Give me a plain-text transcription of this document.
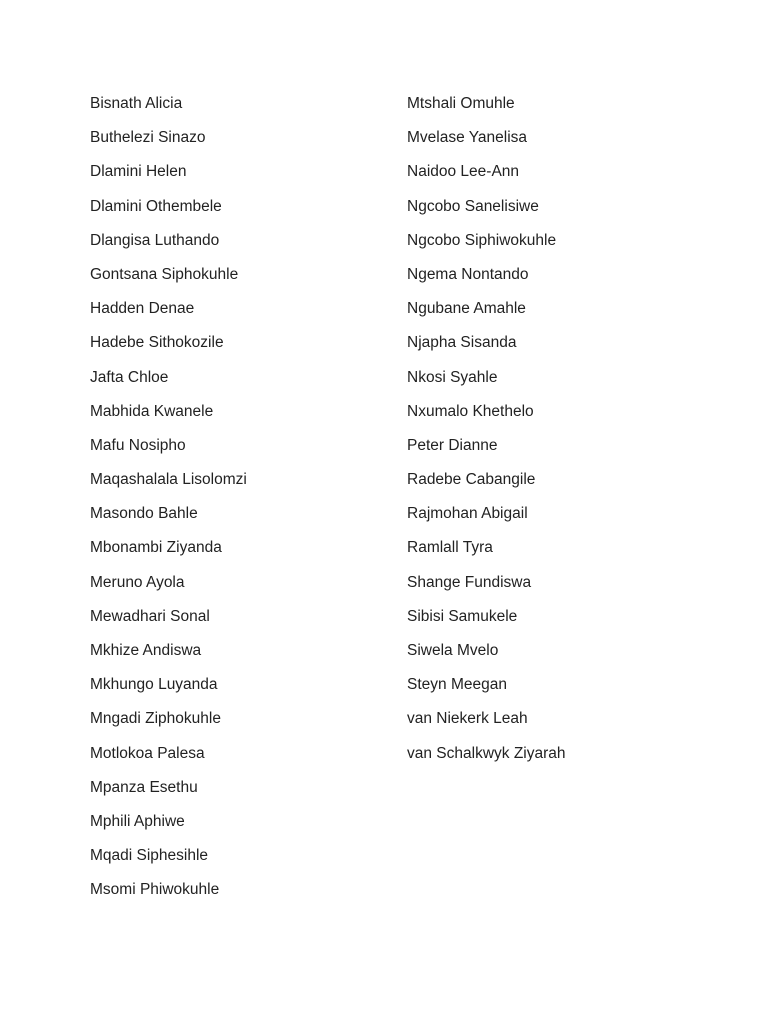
Bisnath Alicia
Buthelezi Sinazo
Dlamini Helen
Dlamini Othembele
Dlangisa Luthando
Gontsana Siphokuhle
Hadden Denae
Hadebe Sithokozile
Jafta Chloe
Mabhida Kwanele
Mafu Nosipho
Maqashalala Lisolomzi
Masondo Bahle
Mbonambi Ziyanda
Meruno Ayola
Mewadhari Sonal
Mkhize Andiswa
Mkhungo Luyanda
Mngadi Ziphokuhle
Motlokoa Palesa
Mpanza Esethu
Mphili Aphiwe
Mqadi Siphesihle
Msomi Phiwokuhle
Mtshali Omuhle
Mvelase Yanelisa
Naidoo Lee-Ann
Ngcobo Sanelisiwe
Ngcobo Siphiwokuhle
Ngema Nontando
Ngubane Amahle
Njapha Sisanda
Nkosi Syahle
Nxumalo Khethelo
Peter Dianne
Radebe Cabangile
Rajmohan Abigail
Ramlall Tyra
Shange Fundiswa
Sibisi Samukele
Siwela Mvelo
Steyn Meegan
van Niekerk Leah
van Schalkwyk Ziyarah
